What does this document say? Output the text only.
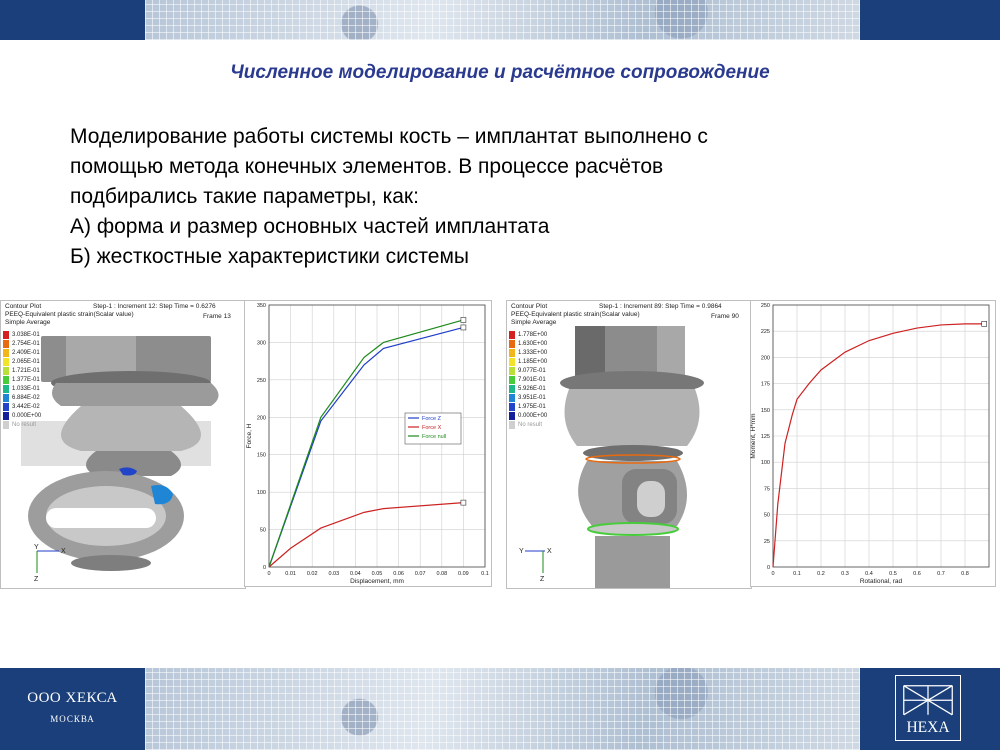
Численное моделирование и расчётное сопровождение
Моделирование работы системы кость – имплантат выполнено с
помощью метода конечных элементов. В процессе расчётов
подбирались такие параметры, как:
А) форма и размер основных частей имплантата
Б) жесткостные характеристики системы
Contour Plot
PEEQ-Equivalent plastic strain(Scalar value)
Simple Average
Step-1 : Increment 12: Step Time = 0.6276
Frame 13
3.038E-01
2.754E-01
2.409E-01
2.065E-01
1.721E-01
1.377E-01
1.033E-01
6.884E-02
3.442E-02
0.000E+00
No result
X
Y
Z
0	0.01 0.02 0.03 0.04 0.05 0.06 0.07 0.08 0.09 0.1
0
50
100
150
200
250
300
350
Displacement, mm
Force, H
Force Z
Force X
Force null
Contour Plot
PEEQ-Equivalent plastic strain(Scalar value)
Simple Average
Step-1 : Increment 89: Step Time = 0.9864
Frame 90
1.778E+00
1.630E+00
1.333E+00
1.185E+00
9.077E-01
7.901E-01
5.926E-01
3.951E-01
1.975E-01
0.000E+00
No result
Y	X
Z
0	0.1	0.2	0.3	0.4	0.5	0.6	0.7	0.8
0
25
50
75
100
125
150
175
200
225
250
Rotational, rad
Moment, H*mm
ООО ХЕКСА
МОСКВА
HEXA
